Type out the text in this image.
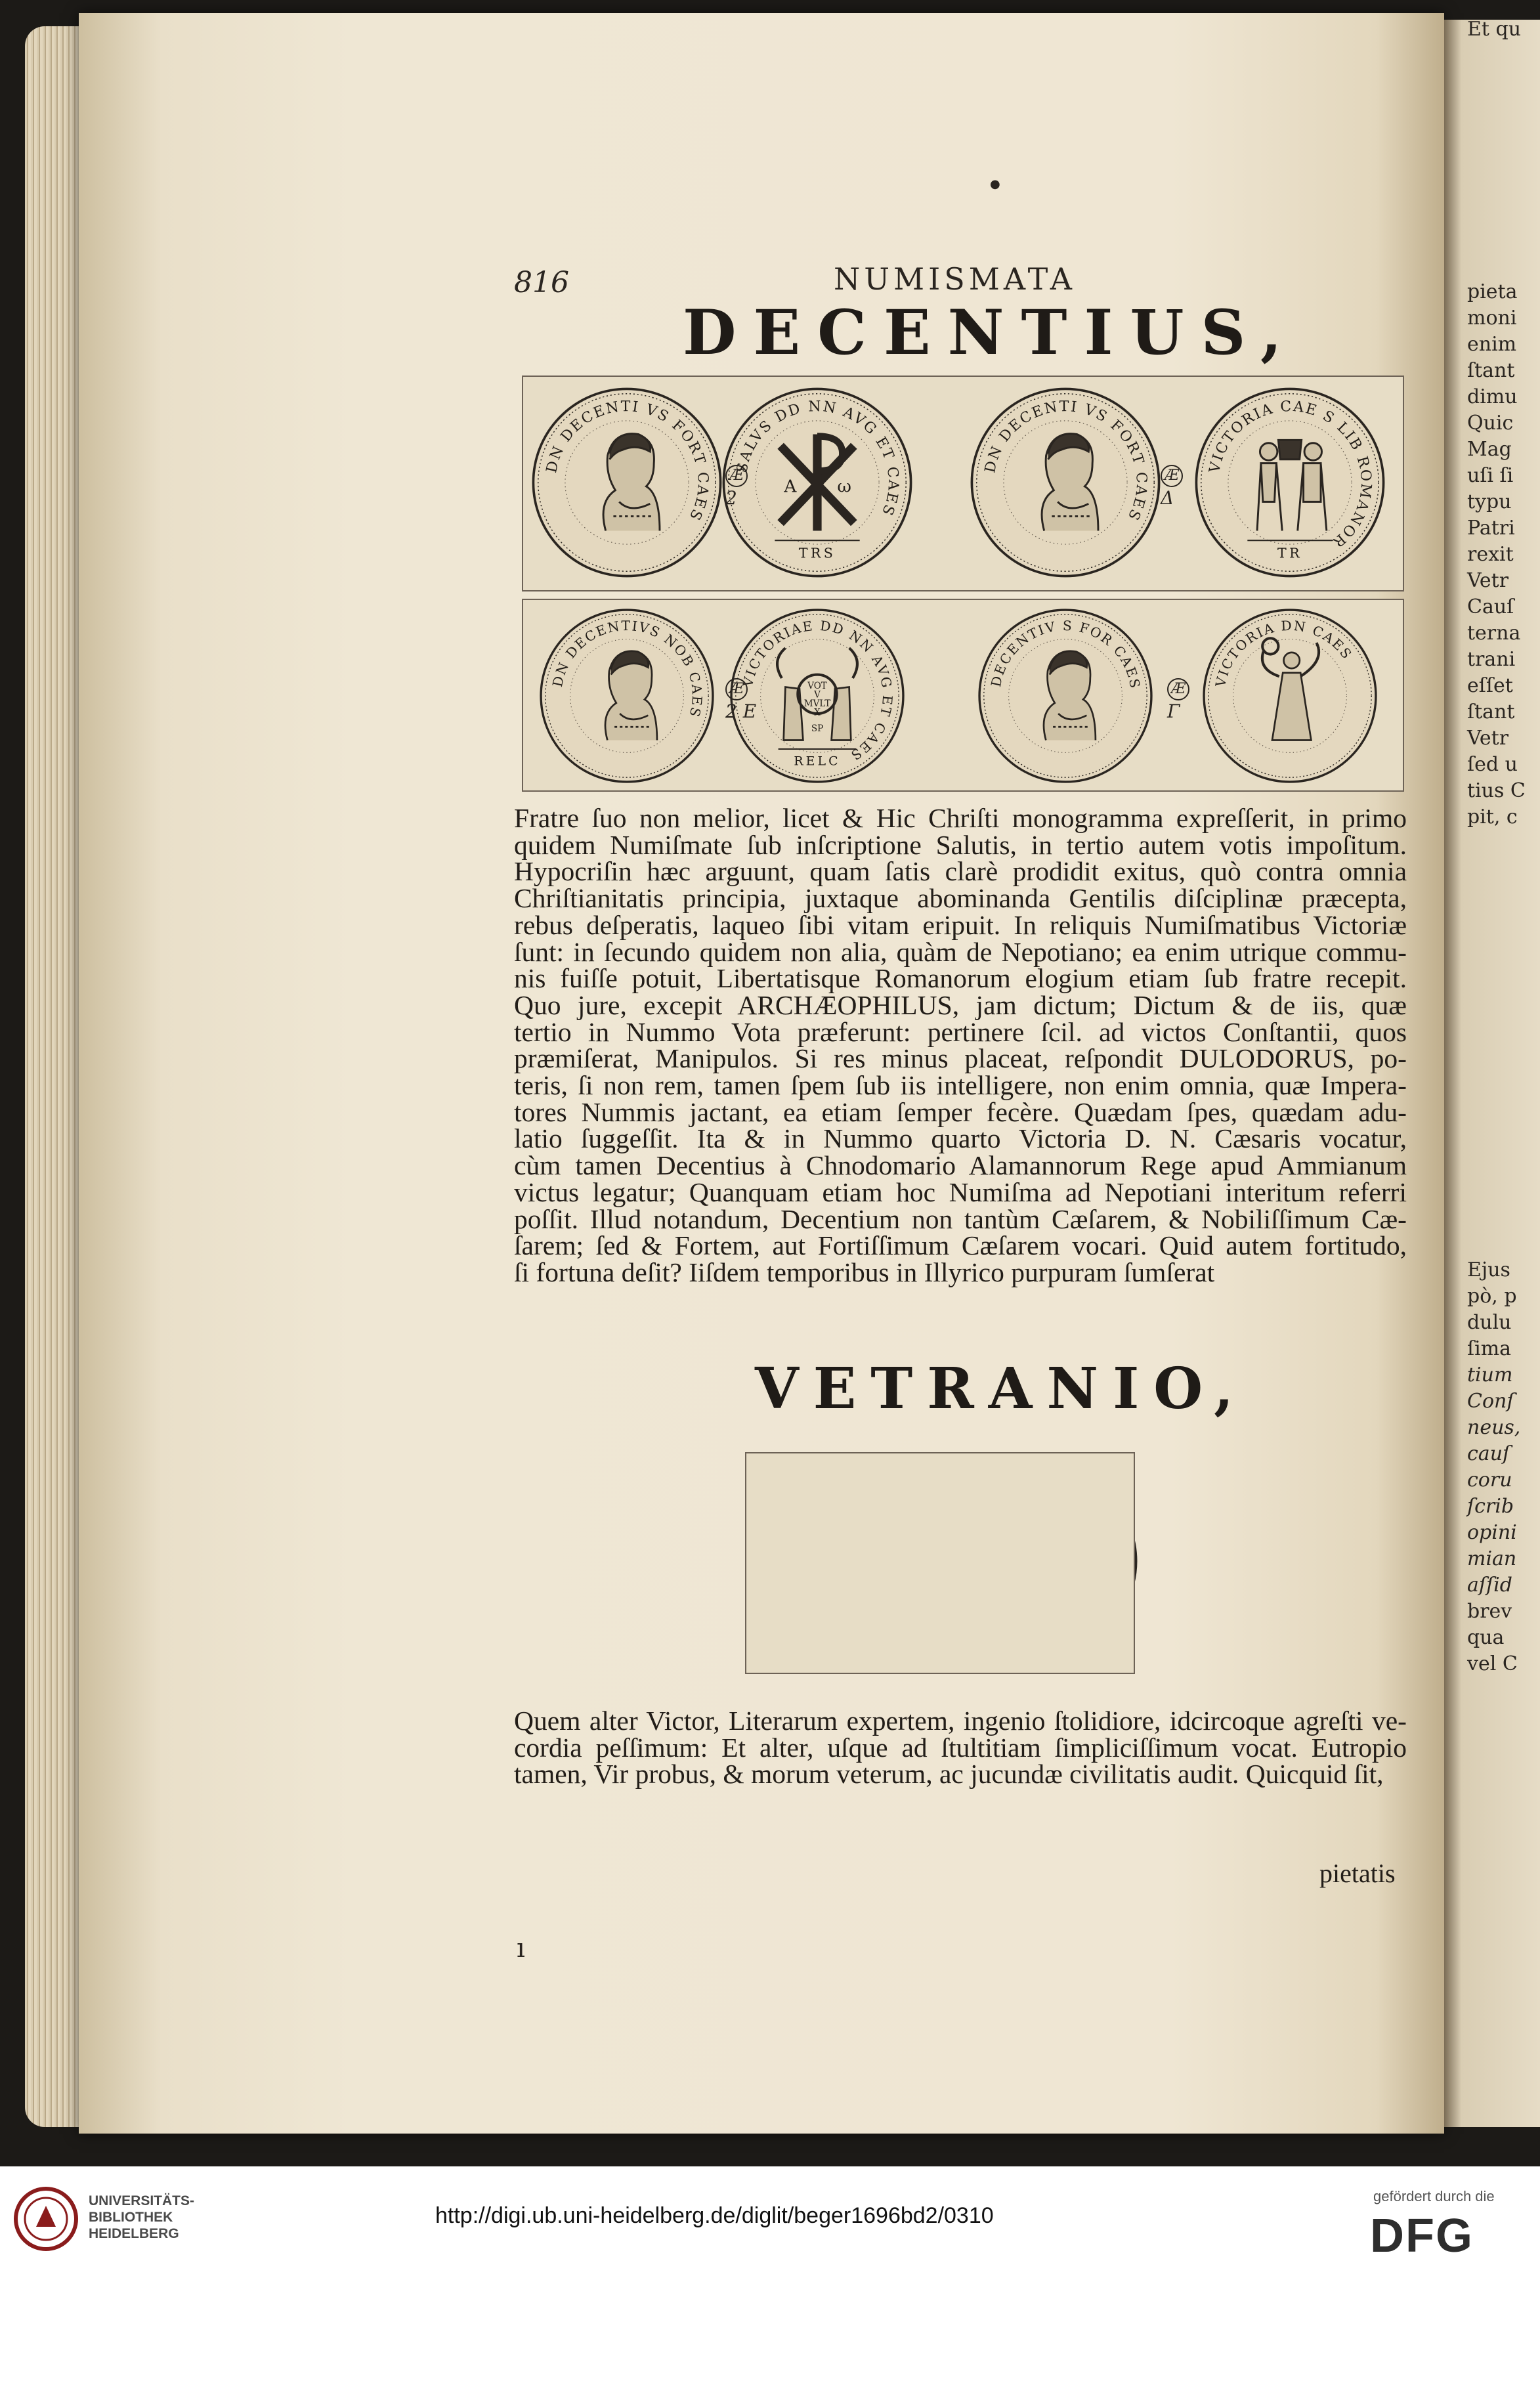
pieta
moni
enim
ſtant
dimu
Quic
Mag
uſi ſi
typu
Patri
rexit
Vetr
Cauſ
terna
trani
eſſet
ſtant
Vetr
ſed u
tius C
pit, c
Ejus
pò, p
dulu
ſima
tium
Conſ
neus,
cauſ
coru
ſcrib
opini
mian
aſſid
brev
qua
vel C
Et qu
816	NUMISMATA
DECENTIUS,
DN DECENTI VS FORT CAES
SALVS DD NN AVG ET CAES
A	ω
TRS
DN DECENTI VS FORT CAES
VICTORIA CAE S LIB ROMANOR
TR
Æ
2
Æ
Δ
DN DECENTIVS NOB CAES
VICTORIAE DD NN AVG ET CAES
VOT
V
MVLT
X
SP
RELC
DECENTIV S FOR CAES	VICTORIA DN CAES
Æ
2 E
Æ
Γ

Fratre ſuo non melior, licet & Hic Chriſti monogramma expreſſerit, in primo

quidem Numiſmate ſub inſcriptione Salutis, in tertio autem votis impoſitum.

Hypocriſin hæc arguunt, quam ſatis clarè prodidit exitus, quò contra omnia

Chriſtianitatis principia, juxtaque abominanda Gentilis diſciplinæ præcepta,

rebus deſperatis, laqueo ſibi vitam eripuit. In reliquis Numiſmatibus Victoriæ

ſunt: in ſecundo quidem non alia, quàm de Nepotiano; ea enim utrique commu-

nis fuiſſe potuit, Libertatisque Romanorum elogium etiam ſub fratre recepit.

Quo jure, excepit ARCHÆOPHILUS, jam dictum; Dictum & de iis, quæ

tertio in Nummo Vota præferunt: pertinere ſcil. ad victos Conſtantii, quos

præmiſerat, Manipulos. Si res minus placeat, reſpondit DULODORUS, po-

teris, ſi non rem, tamen ſpem ſub iis intelligere, non enim omnia, quæ Impera-

tores Nummis jactant, ea etiam ſemper fecère. Quædam ſpes, quædam adu-

latio ſuggeſſit. Ita & in Nummo quarto Victoria D. N. Cæsaris vocatur,

cùm tamen Decentius à Chnodomario Alamannorum Rege apud Ammianum

victus legatur; Quanquam etiam hoc Numiſma ad Nepotiani interitum referri

poſſit. Illud notandum, Decentium non tantùm Cæſarem, & Nobiliſſimum Cæ-

ſarem; ſed & Fortem, aut Fortiſſimum Cæſarem vocari. Quid autem fortitudo,

ſi fortuna deſit? Iiſdem temporibus in Illyrico purpuram ſumſerat

VETRANIO,

Quem alter Victor, Literarum expertem, ingenio ſtolidiore, idcircoque agreſti ve-

cordia peſſimum: Et alter, uſque ad ſtultitiam ſimpliciſſimum vocat. Eutropio

tamen, Vir probus, & morum veterum, ac jucundæ civilitatis audit. Quicquid ſit,

pietatis
●
ı
UNIVERSITÄTS-
BIBLIOTHEK
HEIDELBERG
http://digi.ub.uni-heidelberg.de/diglit/beger1696bd2/0310
gefördert durch die
DFG
